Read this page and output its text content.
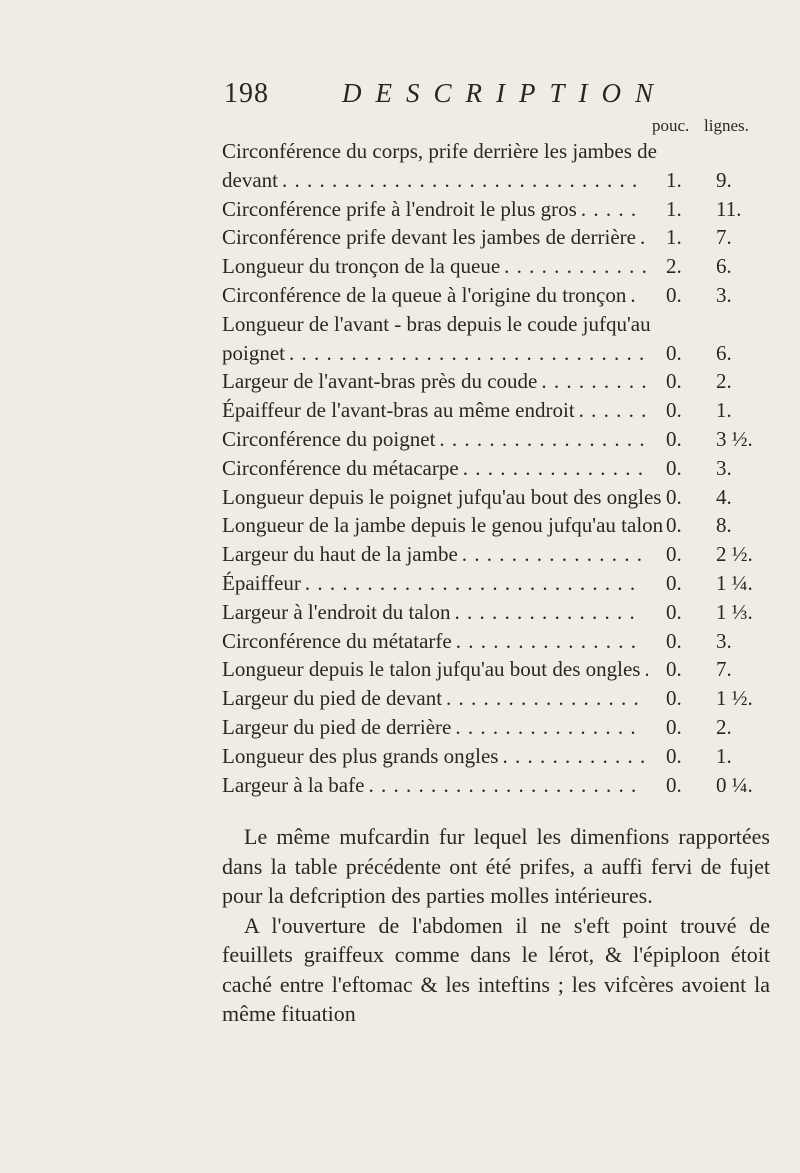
198	DESCRIPTION
pouc. lignes.
Circonférence du corps, prife derrière les jambes de
devant . . .	1. 9.
Circonférence prife à l'endroit le plus gros . . .	1. 11.
Circonférence prife devant les jambes de derrière . . . 1. 7.
Longueur du tronçon de la queue . . .	2. 6.
Circonférence de la queue à l'origine du tronçon . . . 0. 3.
Longueur de l'avant - bras depuis le coude jufqu'au
poignet . . .	0. 6.
Largeur de l'avant-bras près du coude . . .	0. 2.
Épaiffeur de l'avant-bras au même endroit . . .	0. 1.
Circonférence du poignet . . .	0. 3 ½.
Circonférence du métacarpe . . .	0. 3.
Longueur depuis le poignet jufqu'au bout des ongles 0. 4.
Longueur de la jambe depuis le genou jufqu'au talon 0. 8.
Largeur du haut de la jambe . . .	0. 2 ½.
Épaiffeur . . .	0. 1 ¼.
Largeur à l'endroit du talon . . .	0. 1 ⅓.
Circonférence du métatarfe . . .	0. 3.
Longueur depuis le talon jufqu'au bout des ongles . . . 0. 7.
Largeur du pied de devant . . .	0. 1 ½.
Largeur du pied de derrière . . .	0. 2.
Longueur des plus grands ongles . . .	0. 1.
Largeur à la bafe . . .	0. 0 ¼.

Le même mufcardin fur lequel les dimenfions rapportées dans la table précédente ont été prifes, a auffi fervi de fujet pour la defcription des parties molles intérieures.

A l'ouverture de l'abdomen il ne s'eft point trouvé de feuillets graiffeux comme dans le lérot, & l'épiploon étoit caché entre l'eftomac & les inteftins ; les vifcères avoient la même fituation
